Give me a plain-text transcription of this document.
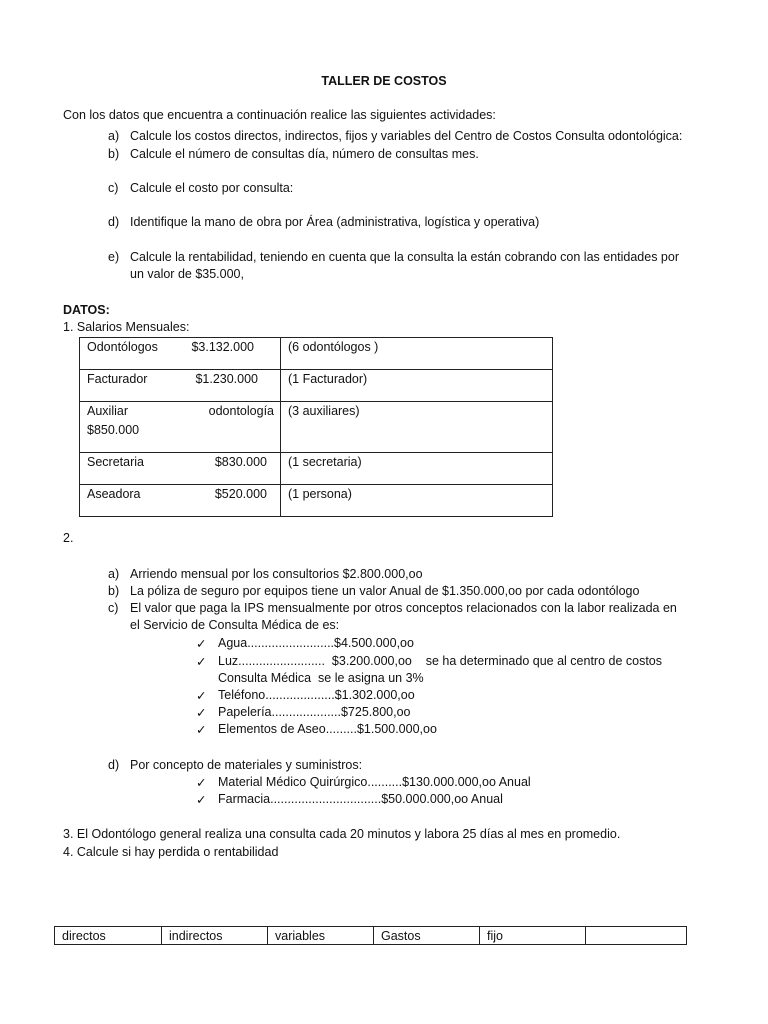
TALLER DE COSTOS
Con los datos que encuentra a continuación realice las siguientes actividades:
a) Calcule los costos directos, indirectos, fijos y variables del Centro de Costos Consulta odontológica:
b) Calcule el número de consultas día, número de consultas mes.
c) Calcule el costo por consulta:
d) Identifique la mano de obra por Área (administrativa, logística y operativa)
e) Calcule la rentabilidad, teniendo en cuenta que la consulta la están cobrando con las entidades por
un valor de $35.000,
DATOS:
1. Salarios Mensuales:
Odontólogos $3.132.000	(6 odontólogos )

Facturador $1.230.000	(1 Facturador)

Auxiliar odontología
$850.000	(3 auxiliares)

Secretaria $830.000	(1 secretaria)

Aseadora $520.000	(1 persona)
2.
a) Arriendo mensual por los consultorios $2.800.000,oo
b) La póliza de seguro por equipos tiene un valor Anual de $1.350.000,oo por cada odontólogo
c) El valor que paga la IPS mensualmente por otros conceptos relacionados con la labor realizada en
el Servicio de Consulta Médica de es:
✓ Agua.........................$4.500.000,oo
✓ Luz.........................  $3.200.000,oo    se ha determinado que al centro de costos
Consulta Médica  se le asigna un 3%
✓ Teléfono....................$1.302.000,oo
✓ Papelería....................$725.800,oo
✓ Elementos de Aseo.........$1.500.000,oo
d) Por concepto de materiales y suministros:
✓ Material Médico Quirúrgico..........$130.000.000,oo Anual
✓ Farmacia................................$50.000.000,oo Anual
3. El Odontólogo general realiza una consulta cada 20 minutos y labora 25 días al mes en promedio.
4. Calcule si hay perdida o rentabilidad
directos	indirectos	variables	Gastos	fijo	
